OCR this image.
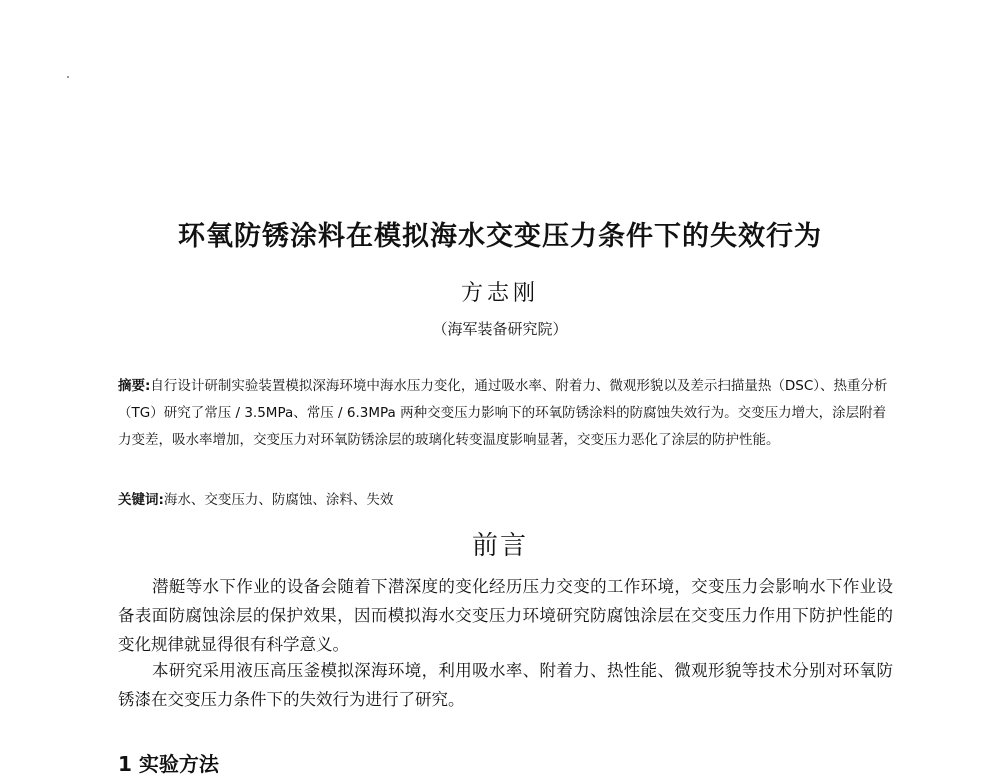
环氧防锈涂料在模拟海水交变压力条件下的失效行为
方志刚
（海军装备研究院）
摘要:自行设计研制实验装置模拟深海环境中海水压力变化，通过吸水率、附着力、微观形貌以及差示扫描量热（DSC）、热重分析（TG）研究了常压 / 3.5MPa、常压 / 6.3MPa 两种交变压力影响下的环氧防锈涂料的防腐蚀失效行为。交变压力增大，涂层附着力变差，吸水率增加，交变压力对环氧防锈涂层的玻璃化转变温度影响显著，交变压力恶化了涂层的防护性能。
关键词:海水、交变压力、防腐蚀、涂料、失效
前言
潜艇等水下作业的设备会随着下潜深度的变化经历压力交变的工作环境，交变压力会影响水下作业设备表面防腐蚀涂层的保护效果，因而模拟海水交变压力环境研究防腐蚀涂层在交变压力作用下防护性能的变化规律就显得很有科学意义。
本研究采用液压高压釜模拟深海环境，利用吸水率、附着力、热性能、微观形貌等技术分别对环氧防锈漆在交变压力条件下的失效行为进行了研究。
1 实验方法
